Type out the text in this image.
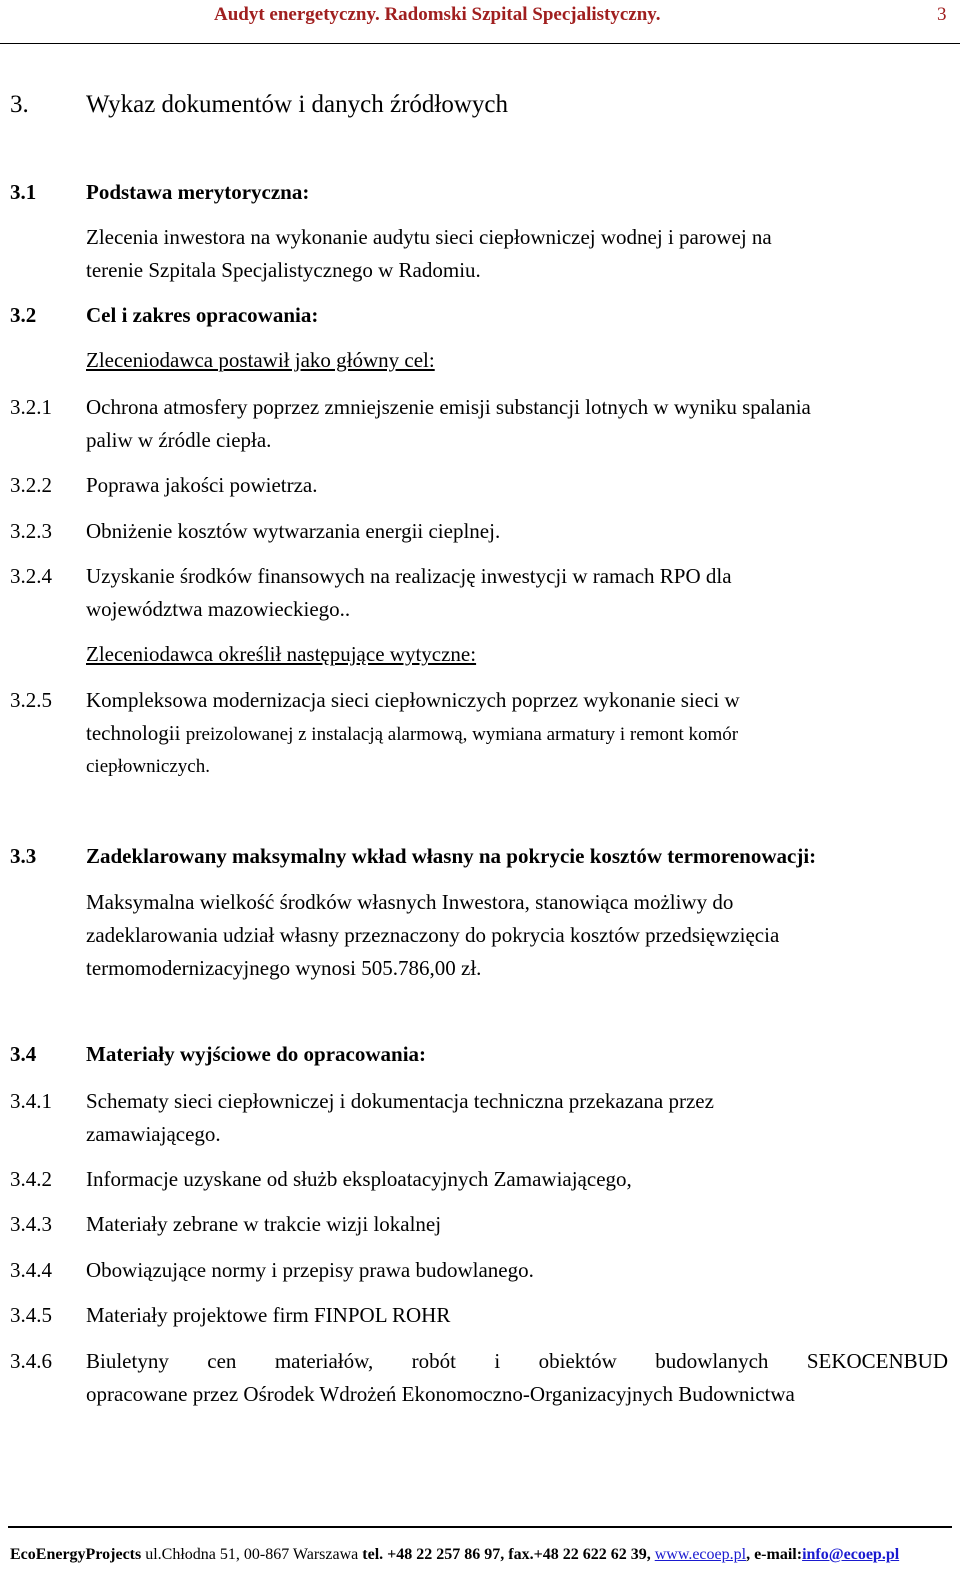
Audyt energetyczny. Radomski Szpital Specjalistyczny.	3
3. Wykaz dokumentów i danych źródłowych
3.1 Podstawa merytoryczna:
Zlecenia inwestora na wykonanie audytu sieci ciepłowniczej wodnej i parowej na
terenie Szpitala Specjalistycznego w Radomiu.
3.2 Cel i zakres opracowania:
Zleceniodawca postawił jako główny cel:
3.2.1 Ochrona atmosfery poprzez zmniejszenie emisji substancji lotnych w wyniku spalania
paliw w źródle ciepła.
3.2.2 Poprawa jakości powietrza.
3.2.3 Obniżenie kosztów wytwarzania energii cieplnej.
3.2.4 Uzyskanie środków finansowych na realizację inwestycji w ramach RPO dla
województwa mazowieckiego..
Zleceniodawca określił następujące wytyczne:
3.2.5 Kompleksowa modernizacja sieci ciepłowniczych poprzez wykonanie sieci w
technologii preizolowanej z instalacją alarmową, wymiana armatury i remont komór
ciepłowniczych.
3.3 Zadeklarowany maksymalny wkład własny na pokrycie kosztów termorenowacji:
Maksymalna wielkość środków własnych Inwestora, stanowiąca możliwy do
zadeklarowania udział własny przeznaczony do pokrycia kosztów przedsięwzięcia
termomodernizacyjnego wynosi 505.786,00 zł.
3.4 Materiały wyjściowe do opracowania:
3.4.1 Schematy sieci ciepłowniczej i dokumentacja techniczna przekazana przez
zamawiającego.
3.4.2 Informacje uzyskane od służb eksploatacyjnych Zamawiającego,
3.4.3 Materiały zebrane w trakcie wizji lokalnej
3.4.4 Obowiązujące normy i przepisy prawa budowlanego.
3.4.5 Materiały projektowe firm FINPOL ROHR
3.4.6 Biuletyny cen materiałów, robót i obiektów budowlanych SEKOCENBUD
opracowane przez Ośrodek Wdrożeń Ekonomoczno-Organizacyjnych Budownictwa
EcoEnergyProjects ul.Chłodna 51, 00-867 Warszawa tel. +48 22 257 86 97, fax.+48 22 622 62 39, www.ecoep.pl, e-mail:info@ecoep.pl
